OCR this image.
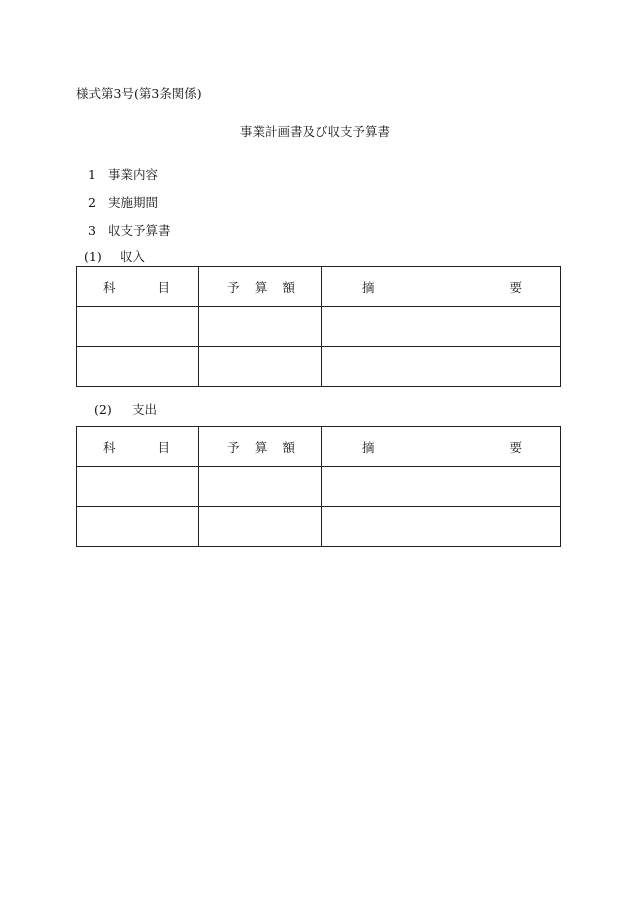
様式第3号(第3条関係)
事業計画書及び収支予算書
1 事業内容
2 実施期間
3 収支予算書
(1) 収入
科 目	予 算 額	摘 要

(2) 支出
科 目	予 算 額	摘 要
